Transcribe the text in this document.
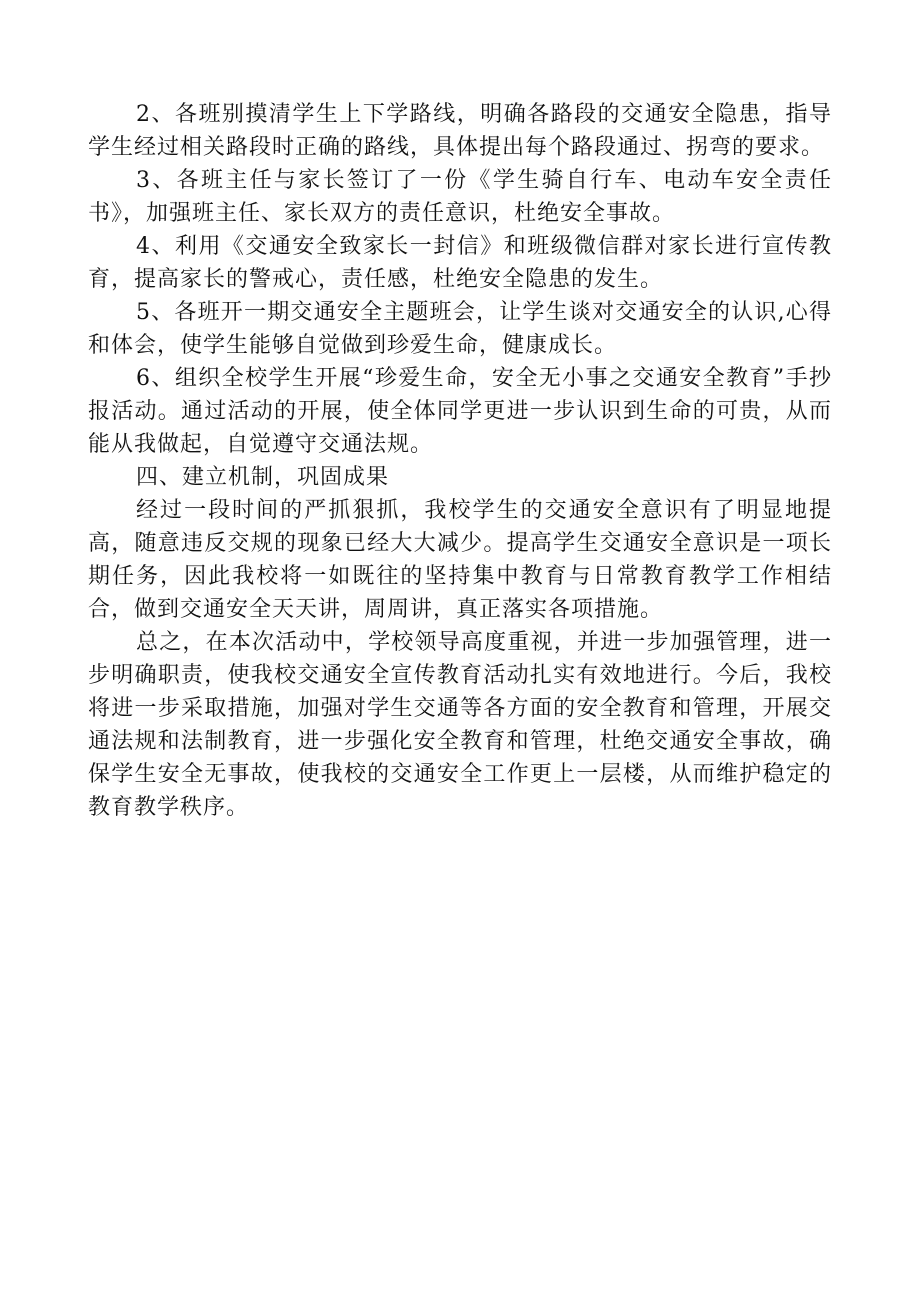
2、各班别摸清学生上下学路线，明确各路段的交通安全隐患，指导学生经过相关路段时正确的路线，具体提出每个路段通过、拐弯的要求。

3、各班主任与家长签订了一份《学生骑自行车、电动车安全责任书》，加强班主任、家长双方的责任意识，杜绝安全事故。

4、利用《交通安全致家长一封信》和班级微信群对家长进行宣传教育，提高家长的警戒心，责任感，杜绝安全隐患的发生。

5、各班开一期交通安全主题班会，让学生谈对交通安全的认识,心得和体会，使学生能够自觉做到珍爱生命，健康成长。

6、组织全校学生开展“珍爱生命，安全无小事之交通安全教育”手抄报活动。通过活动的开展，使全体同学更进一步认识到生命的可贵，从而能从我做起，自觉遵守交通法规。

四、建立机制，巩固成果

经过一段时间的严抓狠抓，我校学生的交通安全意识有了明显地提高，随意违反交规的现象已经大大减少。提高学生交通安全意识是一项长期任务，因此我校将一如既往的坚持集中教育与日常教育教学工作相结合，做到交通安全天天讲，周周讲，真正落实各项措施。

总之，在本次活动中，学校领导高度重视，并进一步加强管理，进一步明确职责，使我校交通安全宣传教育活动扎实有效地进行。今后，我校将进一步采取措施，加强对学生交通等各方面的安全教育和管理，开展交通法规和法制教育，进一步强化安全教育和管理，杜绝交通安全事故，确保学生安全无事故，使我校的交通安全工作更上一层楼，从而维护稳定的教育教学秩序。
